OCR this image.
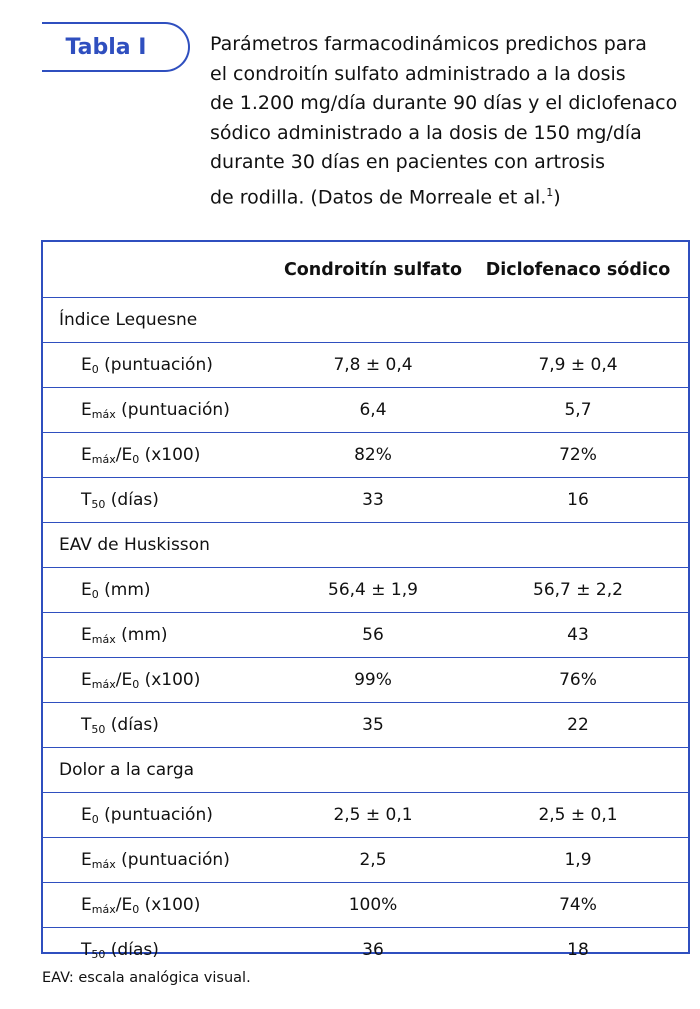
Tabla I	Parámetros farmacodinámicos predichos para
el condroitín sulfato administrado a la dosis
de 1.200 mg/día durante 90 días y el diclofenaco
sódico administrado a la dosis de 150 mg/día
durante 30 días en pacientes con artrosis
de rodilla. (Datos de Morreale et al.$^1$)
	Condroitín sulfato	Diclofenaco sódico
Índice Lequesne		
$E_0$ (puntuación)	7,8 ± 0,4	7,9 ± 0,4
$E_{máx}$ (puntuación)	6,4	5,7
$E_{máx}/E_0$ (x100)	82%	72%
$T_{50}$ (días)	33	16
EAV de Huskisson		
$E_0$ (mm)	56,4 ± 1,9	56,7 ± 2,2
$E_{máx}$ (mm)	56	43
$E_{máx}/E_0$ (x100)	99%	76%
$T_{50}$ (días)	35	22
Dolor a la carga		
$E_0$ (puntuación)	2,5 ± 0,1	2,5 ± 0,1
$E_{máx}$ (puntuación)	2,5	1,9
$E_{máx}/E_0$ (x100)	100%	74%
$T_{50}$ (días)	36	18
EAV: escala analógica visual.
